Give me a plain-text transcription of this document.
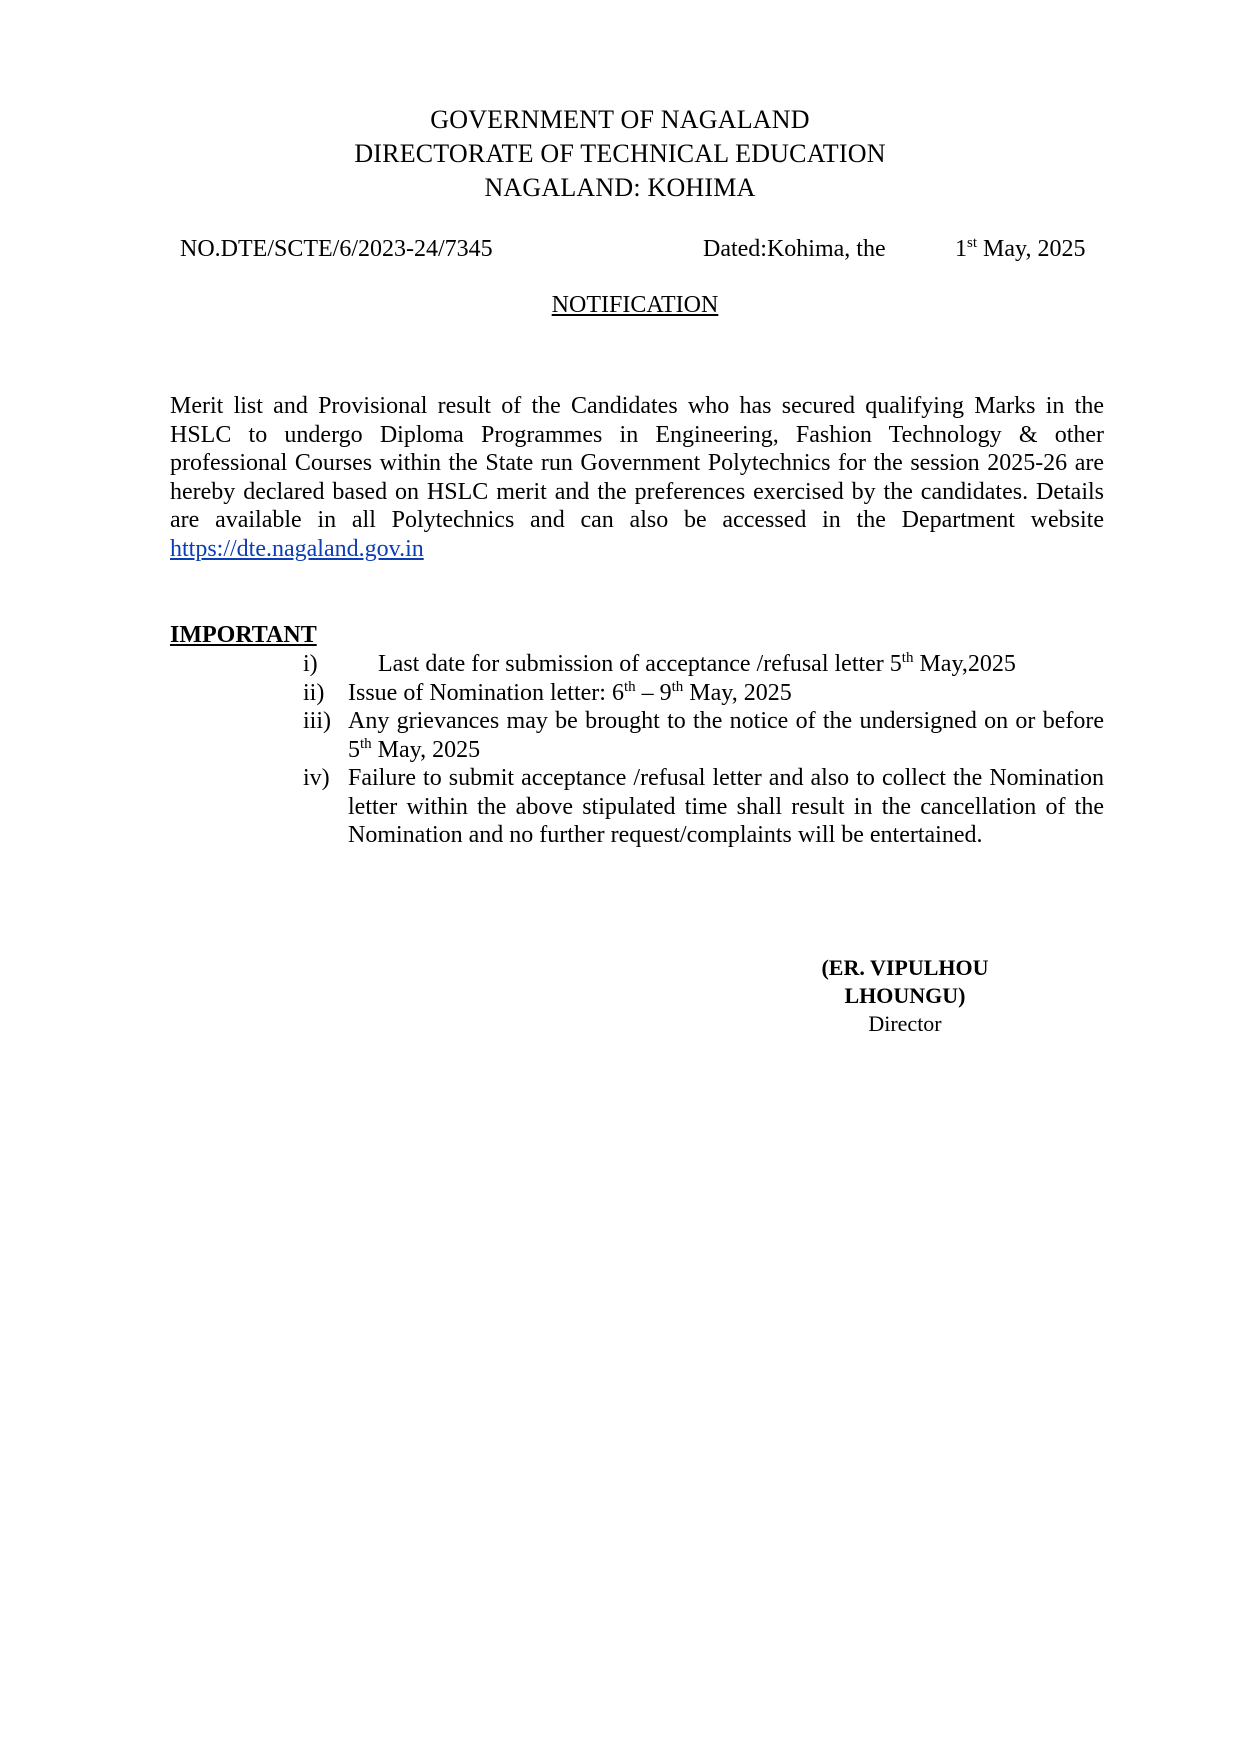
GOVERNMENT OF NAGALAND
DIRECTORATE OF TECHNICAL EDUCATION
NAGALAND: KOHIMA
NO.DTE/SCTE/6/2023-24/7345	Dated:Kohima, the	1st May, 2025
NOTIFICATION

Merit list and Provisional result of the Candidates who has secured qualifying Marks in the HSLC to undergo Diploma Programmes in Engineering, Fashion Technology & other professional Courses within the State run Government Polytechnics for the session 2025-26 are hereby declared based on HSLC merit and the preferences exercised by the candidates. Details are available in all Polytechnics and can also be accessed in the Department website https://dte.nagaland.gov.in

IMPORTANT
i)	Last date for submission of acceptance /refusal letter 5th May,2025
ii) Issue of Nomination letter: 6th – 9th May, 2025
iii) Any grievances may be brought to the notice of the undersigned on or before 5th May, 2025
iv) Failure to submit acceptance /refusal letter and also to collect the Nomination letter within the above stipulated time shall result in the cancellation of the Nomination and no further request/complaints will be entertained.
(ER. VIPULHOU LHOUNGU)
Director
